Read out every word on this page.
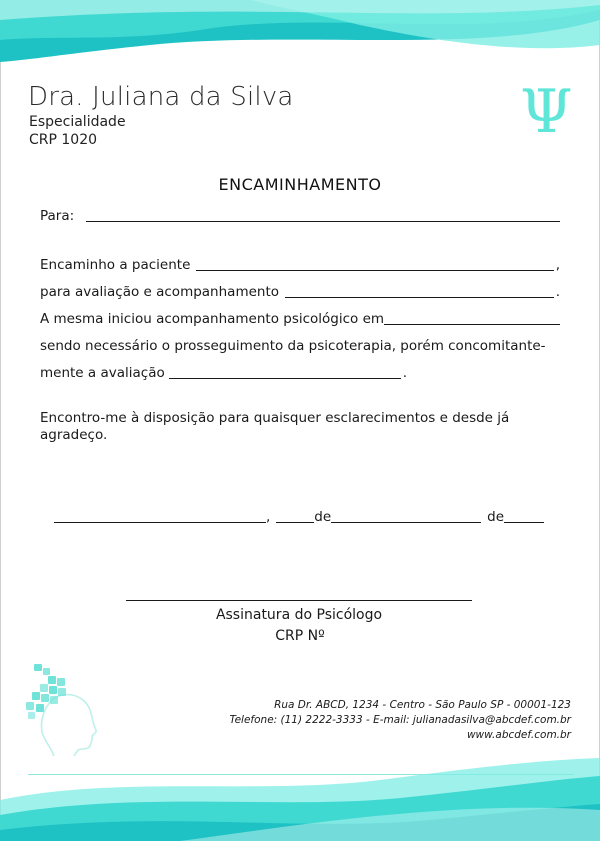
Dra. Juliana da Silva
Especialidade
CRP 1020	Ψ
ENCAMINHAMENTO
Para:
Encaminho a paciente	,
para avaliação e acompanhamento	.
A mesma iniciou acompanhamento psicológico em
sendo necessário o prosseguimento da psicoterapia, porém concomitante-
mente a avaliação	.
Encontro-me à disposição para quaisquer esclarecimentos e desde já agradeço.
,	de	de
Assinatura do Psicólogo
CRP Nº
Rua Dr. ABCD, 1234 - Centro - São Paulo SP - 00001-123
Telefone: (11) 2222-3333 - E-mail: julianadasilva@abcdef.com.br
www.abcdef.com.br
